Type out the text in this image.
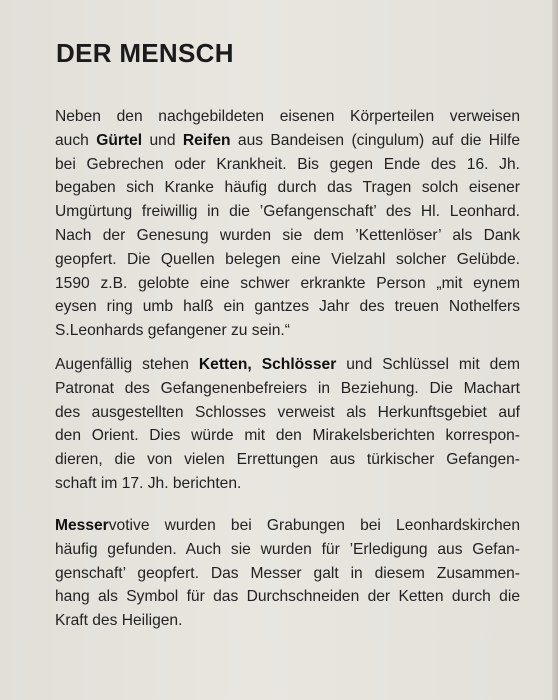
DER MENSCH
Neben den nachgebildeten eisenen Körperteilen verweisen
auch Gürtel und Reifen aus Bandeisen (cingulum) auf die Hilfe
bei Gebrechen oder Krankheit. Bis gegen Ende des 16. Jh.
begaben sich Kranke häufig durch das Tragen solch eisener
Umgürtung freiwillig in die ’Gefangenschaft’ des Hl. Leonhard.
Nach der Genesung wurden sie dem ’Kettenlöser’ als Dank
geopfert. Die Quellen belegen eine Vielzahl solcher Gelübde.
1590 z.B. gelobte eine schwer erkrankte Person „mit eynem
eysen ring umb halß ein gantzes Jahr des treuen Nothelfers
S.Leonhards gefangener zu sein.“
Augenfällig stehen Ketten, Schlösser und Schlüssel mit dem
Patronat des Gefangenenbefreiers in Beziehung. Die Machart
des ausgestellten Schlosses verweist als Herkunftsgebiet auf
den Orient. Dies würde mit den Mirakelsberichten korrespon-
dieren, die von vielen Errettungen aus türkischer Gefangen-
schaft im 17. Jh. berichten.
Messervotive wurden bei Grabungen bei Leonhardskirchen
häufig gefunden. Auch sie wurden für ’Erledigung aus Gefan-
genschaft’ geopfert. Das Messer galt in diesem Zusammen-
hang als Symbol für das Durchschneiden der Ketten durch die
Kraft des Heiligen.
